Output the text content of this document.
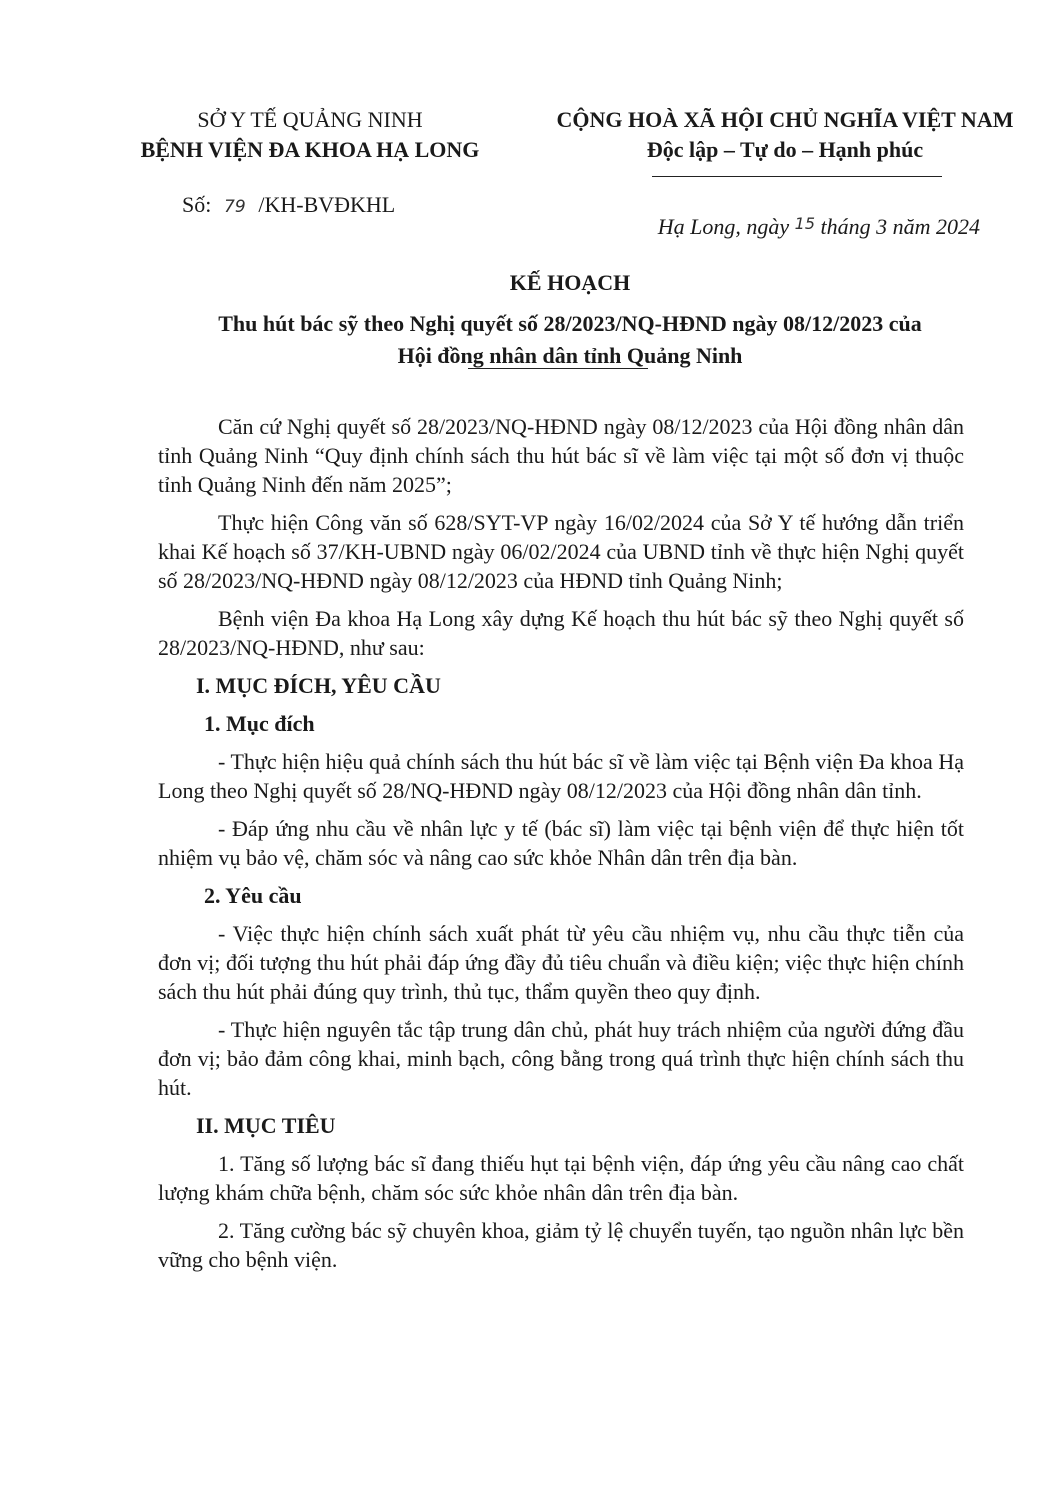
SỞ Y TẾ QUẢNG NINH
BỆNH VIỆN ĐA KHOA HẠ LONG
CỘNG HOÀ XÃ HỘI CHỦ NGHĨA VIỆT NAM
Độc lập – Tự do – Hạnh phúc
Số: 79 /KH-BVĐKHL
Hạ Long, ngày $^{15}$ tháng 3 năm 2024
KẾ HOẠCH
Thu hút bác sỹ theo Nghị quyết số 28/2023/NQ-HĐND ngày 08/12/2023 của
Hội đồng nhân dân tỉnh Quảng Ninh

Căn cứ Nghị quyết số 28/2023/NQ-HĐND ngày 08/12/2023 của Hội đồng nhân dân tỉnh Quảng Ninh “Quy định chính sách thu hút bác sĩ về làm việc tại một số đơn vị thuộc tỉnh Quảng Ninh đến năm 2025”;

Thực hiện Công văn số 628/SYT-VP ngày 16/02/2024 của Sở Y tế hướng dẫn triển khai Kế hoạch số 37/KH-UBND ngày 06/02/2024 của UBND tỉnh về thực hiện Nghị quyết số 28/2023/NQ-HĐND ngày 08/12/2023 của HĐND tỉnh Quảng Ninh;

Bệnh viện Đa khoa Hạ Long xây dựng Kế hoạch thu hút bác sỹ theo Nghị quyết số 28/2023/NQ-HĐND, như sau:

I. MỤC ĐÍCH, YÊU CẦU
1. Mục đích

- Thực hiện hiệu quả chính sách thu hút bác sĩ về làm việc tại Bệnh viện Đa khoa Hạ Long theo Nghị quyết số 28/NQ-HĐND ngày 08/12/2023 của Hội đồng nhân dân tỉnh.

- Đáp ứng nhu cầu về nhân lực y tế (bác sĩ) làm việc tại bệnh viện để thực hiện tốt nhiệm vụ bảo vệ, chăm sóc và nâng cao sức khỏe Nhân dân trên địa bàn.

2. Yêu cầu

- Việc thực hiện chính sách xuất phát từ yêu cầu nhiệm vụ, nhu cầu thực tiễn của đơn vị; đối tượng thu hút phải đáp ứng đầy đủ tiêu chuẩn và điều kiện; việc thực hiện chính sách thu hút phải đúng quy trình, thủ tục, thẩm quyền theo quy định.

- Thực hiện nguyên tắc tập trung dân chủ, phát huy trách nhiệm của người đứng đầu đơn vị; bảo đảm công khai, minh bạch, công bằng trong quá trình thực hiện chính sách thu hút.

II. MỤC TIÊU

1. Tăng số lượng bác sĩ đang thiếu hụt tại bệnh viện, đáp ứng yêu cầu nâng cao chất lượng khám chữa bệnh, chăm sóc sức khỏe nhân dân trên địa bàn.

2. Tăng cường bác sỹ chuyên khoa, giảm tỷ lệ chuyển tuyến, tạo nguồn nhân lực bền vững cho bệnh viện.
